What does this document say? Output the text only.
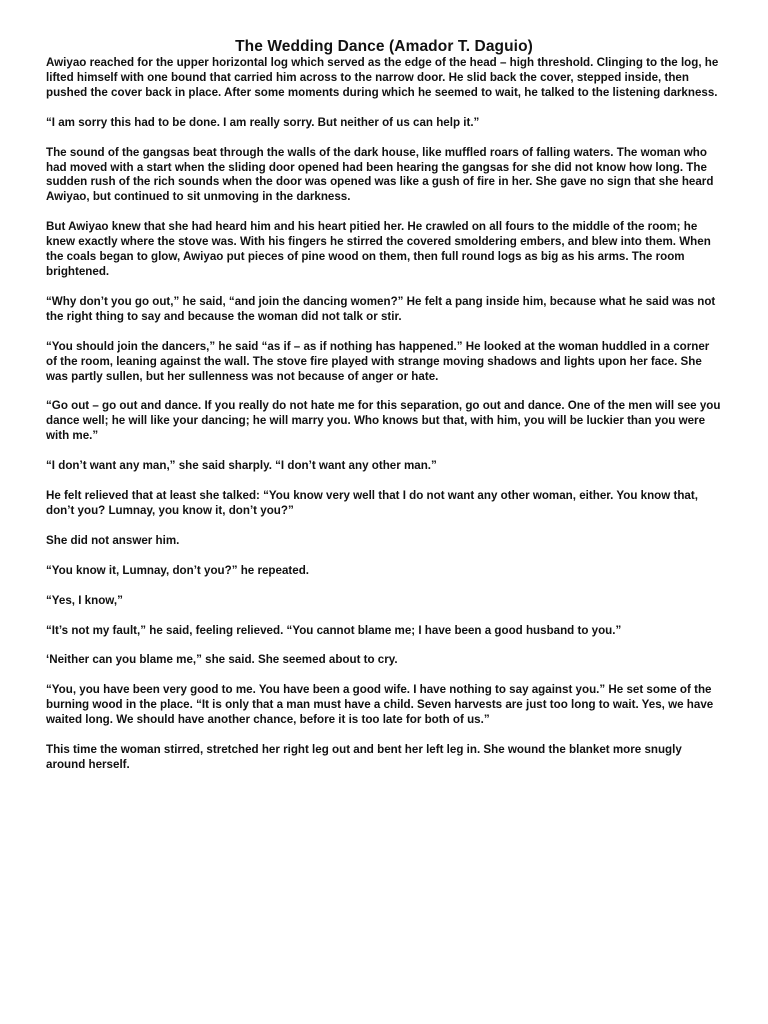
The Wedding Dance (Amador T. Daguio)

Awiyao reached for the upper horizontal log which served as the edge of the head – high threshold. Clinging to the log, he lifted himself with one bound that carried him across to the narrow door. He slid back the cover, stepped inside, then pushed the cover back in place. After some moments during which he seemed to wait, he talked to the listening darkness.

“I am sorry this had to be done. I am really sorry. But neither of us can help it.”

The sound of the gangsas beat through the walls of the dark house, like muffled roars of falling waters. The woman who had moved with a start when the sliding door opened had been hearing the gangsas for she did not know how long. The sudden rush of the rich sounds when the door was opened was like a gush of fire in her. She gave no sign that she heard Awiyao, but continued to sit unmoving in the darkness.

But Awiyao knew that she had heard him and his heart pitied her. He crawled on all fours to the middle of the room; he knew exactly where the stove was. With his fingers he stirred the covered smoldering embers, and blew into them. When the coals began to glow, Awiyao put pieces of pine wood on them, then full round logs as big as his arms. The room brightened.

“Why don’t you go out,” he said, “and join the dancing women?” He felt a pang inside him, because what he said was not the right thing to say and because the woman did not talk or stir.

“You should join the dancers,” he said “as if – as if nothing has happened.” He looked at the woman huddled in a corner of the room, leaning against the wall. The stove fire played with strange moving shadows and lights upon her face. She was partly sullen, but her sullenness was not because of anger or hate.

“Go out – go out and dance. If you really do not hate me for this separation, go out and dance. One of the men will see you dance well; he will like your dancing; he will marry you. Who knows but that, with him, you will be luckier than you were with me.”

“I don’t want any man,” she said sharply. “I don’t want any other man.”

He felt relieved that at least she talked: “You know very well that I do not want any other woman, either. You know that, don’t you? Lumnay, you know it, don’t you?”

She did not answer him.

“You know it, Lumnay, don’t you?” he repeated.

“Yes, I know,”

“It’s not my fault,” he said, feeling relieved. “You cannot blame me; I have been a good husband to you.”

‘Neither can you blame me,” she said. She seemed about to cry.

“You, you have been very good to me. You have been a good wife. I have nothing to say against you.” He set some of the burning wood in the place. “It is only that a man must have a child. Seven harvests are just too long to wait. Yes, we have waited long. We should have another chance, before it is too late for both of us.”

This time the woman stirred, stretched her right leg out and bent her left leg in. She wound the blanket more snugly around herself.
